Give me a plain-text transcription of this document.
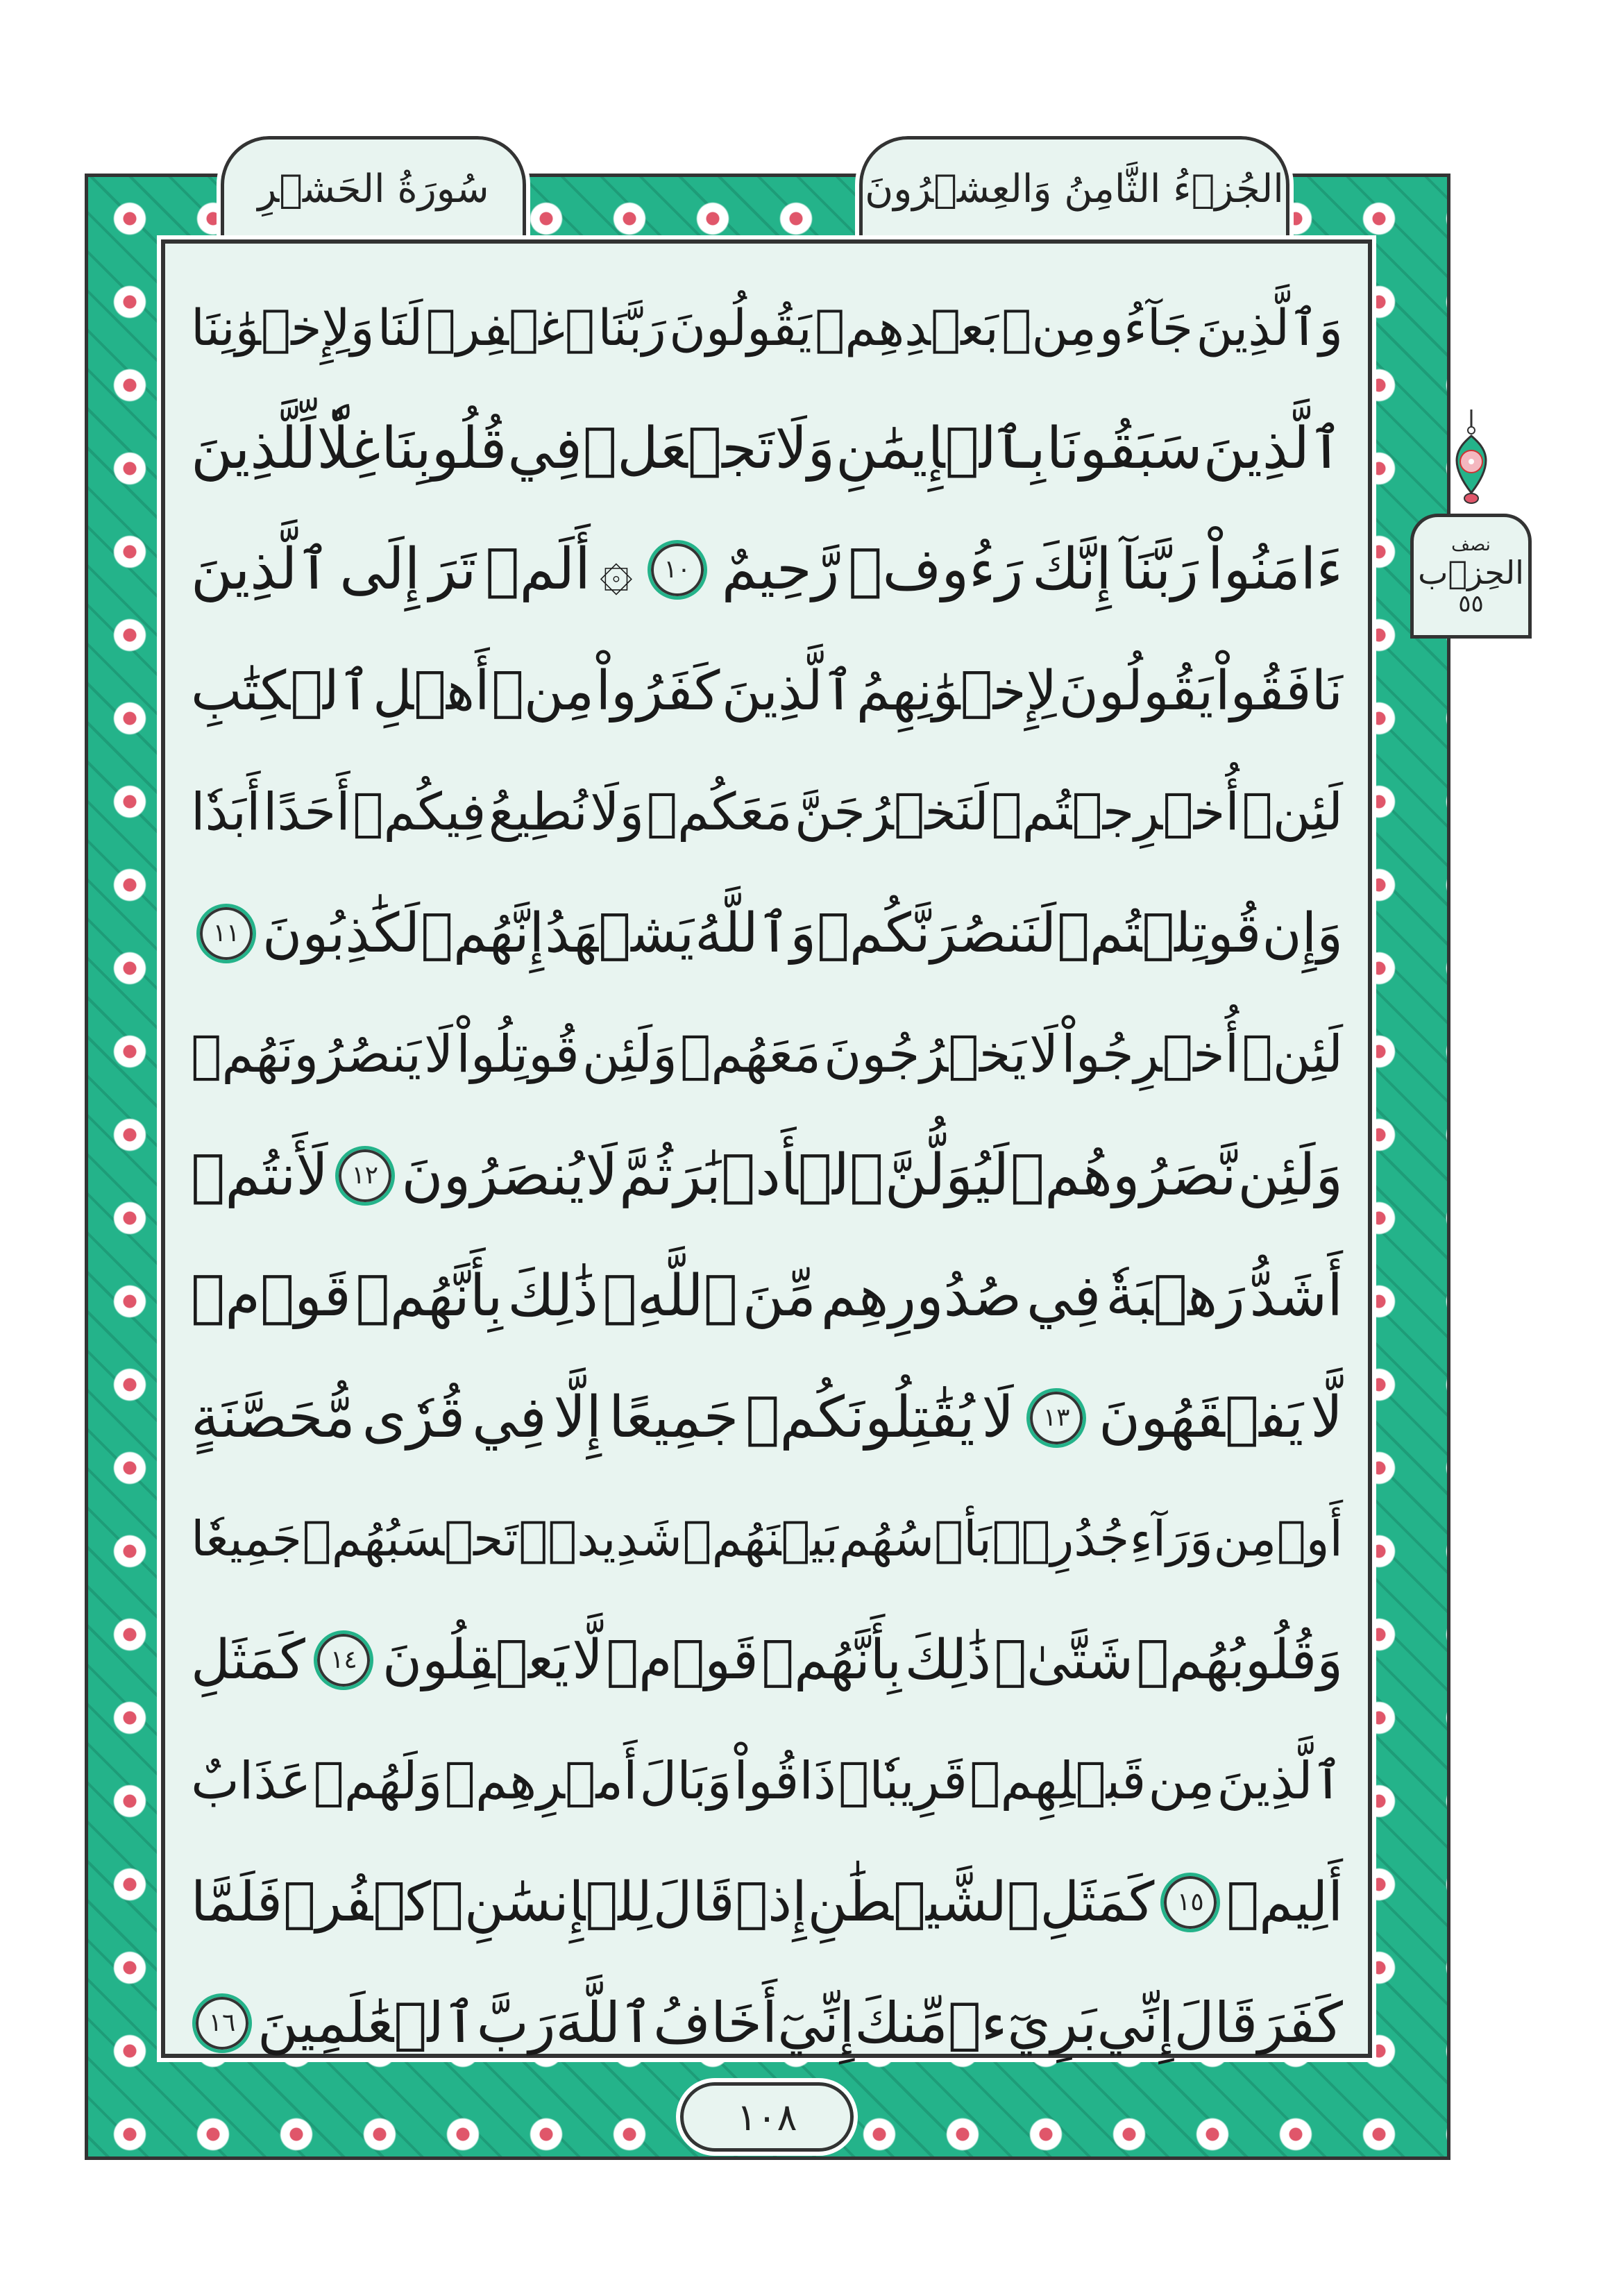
سُورَةُ الحَشۡرِ	الجُزۡءُ الثَّامِنُ وَالعِشۡرُونَ
وَٱلَّذِينَ
جَآءُو
مِنۢ
بَعۡدِهِمۡ
يَقُولُونَ
رَبَّنَا
ٱغۡفِرۡ
لَنَا
وَلِإِخۡوَٰنِنَا
ٱلَّذِينَ
سَبَقُونَا
بِٱلۡإِيمَٰنِ
وَلَا
تَجۡعَلۡ
فِي
قُلُوبِنَا
غِلّٗا
لِّلَّذِينَ
ءَامَنُواْ
رَبَّنَآ
إِنَّكَ
رَءُوفٞ
رَّحِيمٌ
١٠
۞
أَلَمۡ
تَرَ
إِلَى
ٱلَّذِينَ
نَافَقُواْ
يَقُولُونَ
لِإِخۡوَٰنِهِمُ
ٱلَّذِينَ
كَفَرُواْ
مِنۡ
أَهۡلِ
ٱلۡكِتَٰبِ
لَئِنۡ
أُخۡرِجۡتُمۡ
لَنَخۡرُجَنَّ
مَعَكُمۡ
وَلَا
نُطِيعُ
فِيكُمۡ
أَحَدًا
أَبَدٗا
وَإِن
قُوتِلۡتُمۡ
لَنَنصُرَنَّكُمۡ
وَٱللَّهُ
يَشۡهَدُ
إِنَّهُمۡ
لَكَٰذِبُونَ
١١
لَئِنۡ
أُخۡرِجُواْ
لَا
يَخۡرُجُونَ
مَعَهُمۡ
وَلَئِن
قُوتِلُواْ
لَا
يَنصُرُونَهُمۡ
وَلَئِن
نَّصَرُوهُمۡ
لَيُوَلُّنَّ
ٱلۡأَدۡبَٰرَ
ثُمَّ
لَا
يُنصَرُونَ
١٢
لَأَنتُمۡ
أَشَدُّ
رَهۡبَةٗ
فِي
صُدُورِهِم
مِّنَ
ٱللَّهِۚ
ذَٰلِكَ
بِأَنَّهُمۡ
قَوۡمٞ
لَّا
يَفۡقَهُونَ
١٣
لَا
يُقَٰتِلُونَكُمۡ
جَمِيعًا
إِلَّا
فِي
قُرٗى
مُّحَصَّنَةٍ
أَوۡ
مِن
وَرَآءِ
جُدُرِۭۚ
بَأۡسُهُم
بَيۡنَهُمۡ
شَدِيدٞۚ
تَحۡسَبُهُمۡ
جَمِيعٗا
وَقُلُوبُهُمۡ
شَتَّىٰۚ
ذَٰلِكَ
بِأَنَّهُمۡ
قَوۡمٞ
لَّا
يَعۡقِلُونَ
١٤
كَمَثَلِ
ٱلَّذِينَ
مِن
قَبۡلِهِمۡ
قَرِيبٗاۖ
ذَاقُواْ
وَبَالَ
أَمۡرِهِمۡ
وَلَهُمۡ
عَذَابٌ
أَلِيمٞ
١٥
كَمَثَلِ
ٱلشَّيۡطَٰنِ
إِذۡ
قَالَ
لِلۡإِنسَٰنِ
ٱكۡفُرۡ
فَلَمَّا
كَفَرَ
قَالَ
إِنِّي
بَرِيٓءٞ
مِّنكَ
إِنِّيٓ
أَخَافُ
ٱللَّهَ
رَبَّ
ٱلۡعَٰلَمِينَ
١٦
١٠٨
نصف
الحِزۡب
٥٥
